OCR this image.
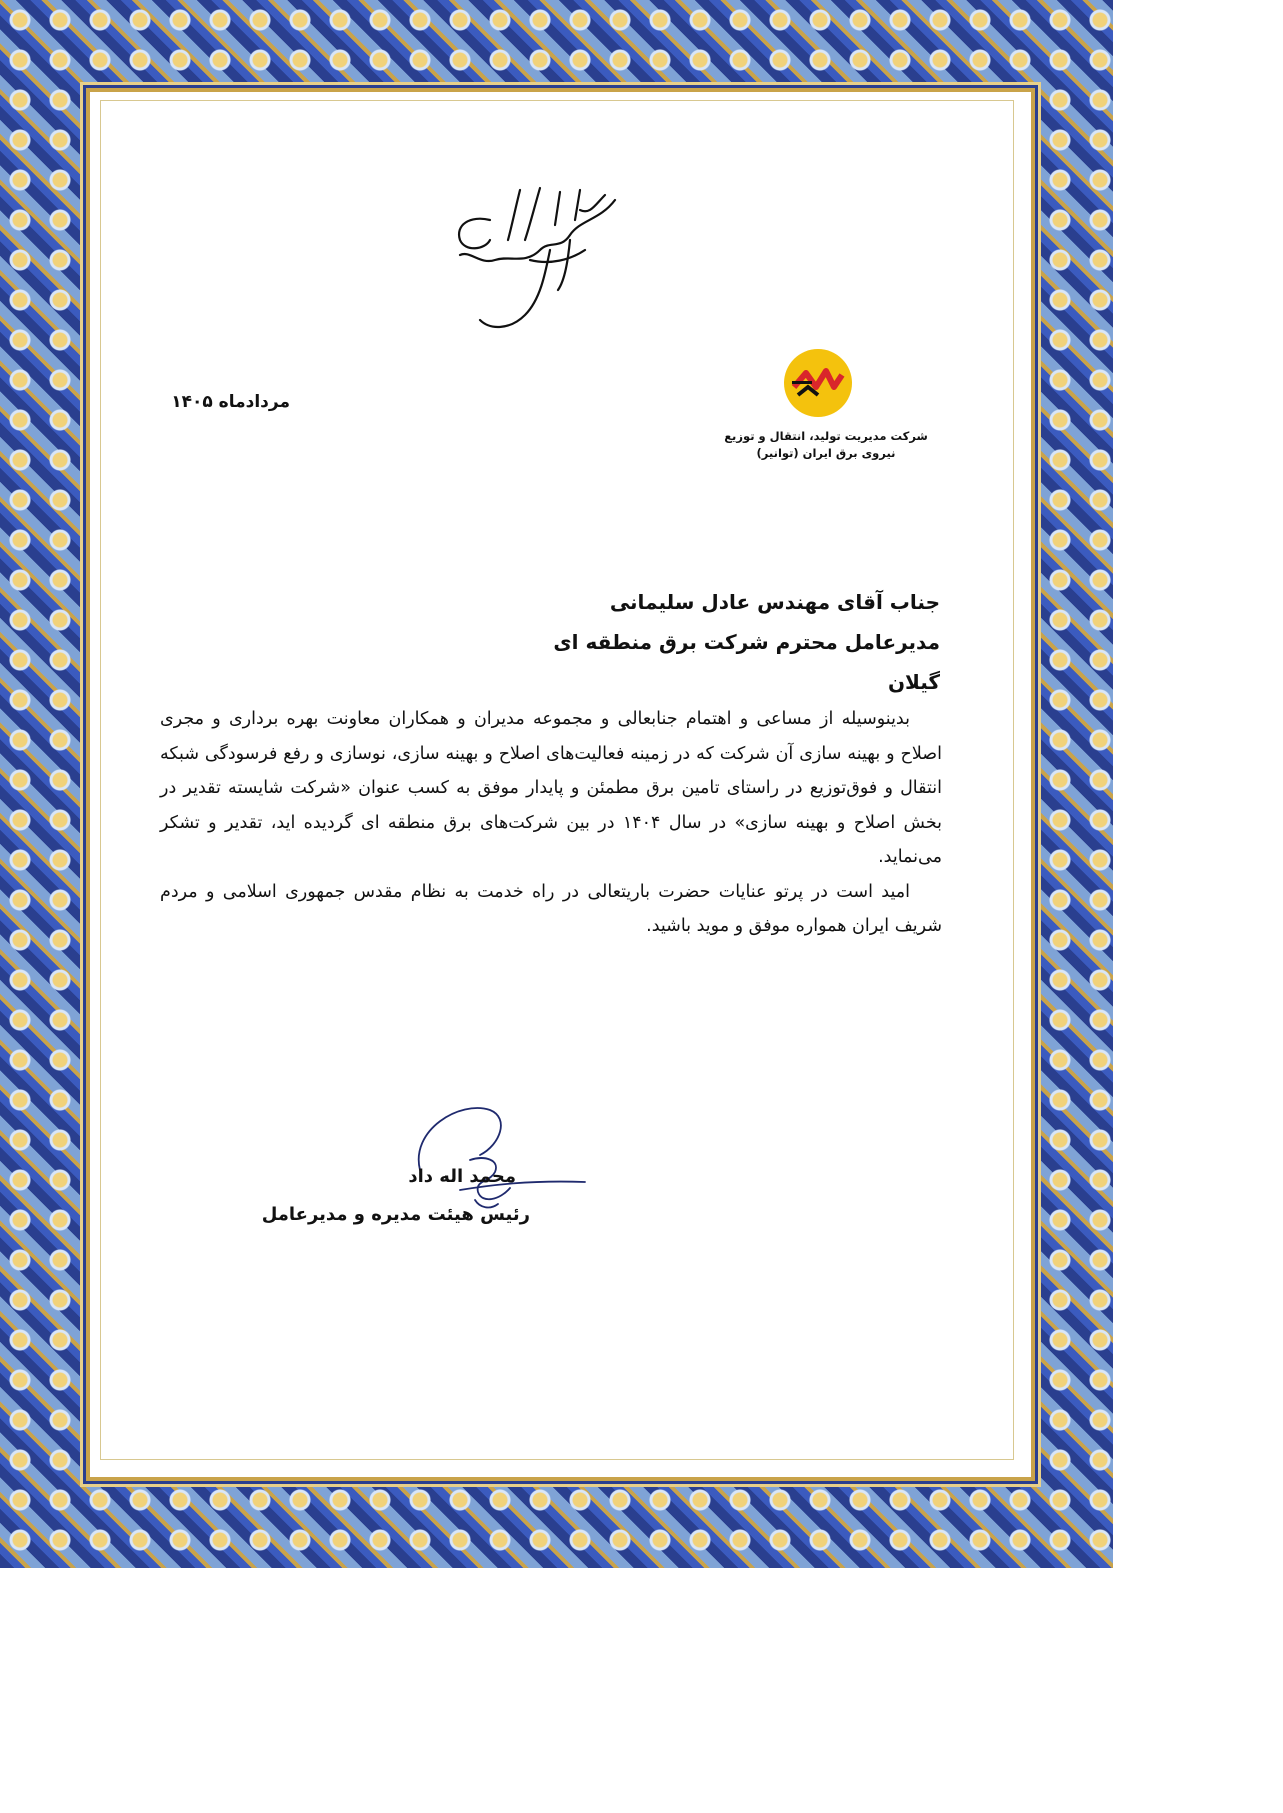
شرکت مدیریت تولید، انتقال و توزیع
نیروی برق ایران (توانیر)
مردادماه ۱۴۰۵
جناب آقای مهندس عادل سلیمانی
مدیرعامل محترم شرکت برق منطقه ای گیلان

بدینوسیله از مساعی و اهتمام جنابعالی و مجموعه مدیران و همکاران معاونت بهره برداری و مجری اصلاح و بهینه سازی آن شرکت که در زمینه فعالیت‌های اصلاح و بهینه سازی، نوسازی و رفع فرسودگی شبکه انتقال و فوق‌توزیع در راستای تامین برق مطمئن و پایدار موفق به کسب عنوان «شرکت شایسته تقدیر در بخش اصلاح و بهینه سازی» در سال ۱۴۰۴ در بین شرکت‌های برق منطقه ای گردیده اید، تقدیر و تشکر می‌نماید.

امید است در پرتو عنایات حضرت باریتعالی در راه خدمت به نظام مقدس جمهوری اسلامی و مردم شریف ایران همواره موفق و موید باشید.

محمد اله داد
رئیس هیئت مدیره و مدیرعامل
